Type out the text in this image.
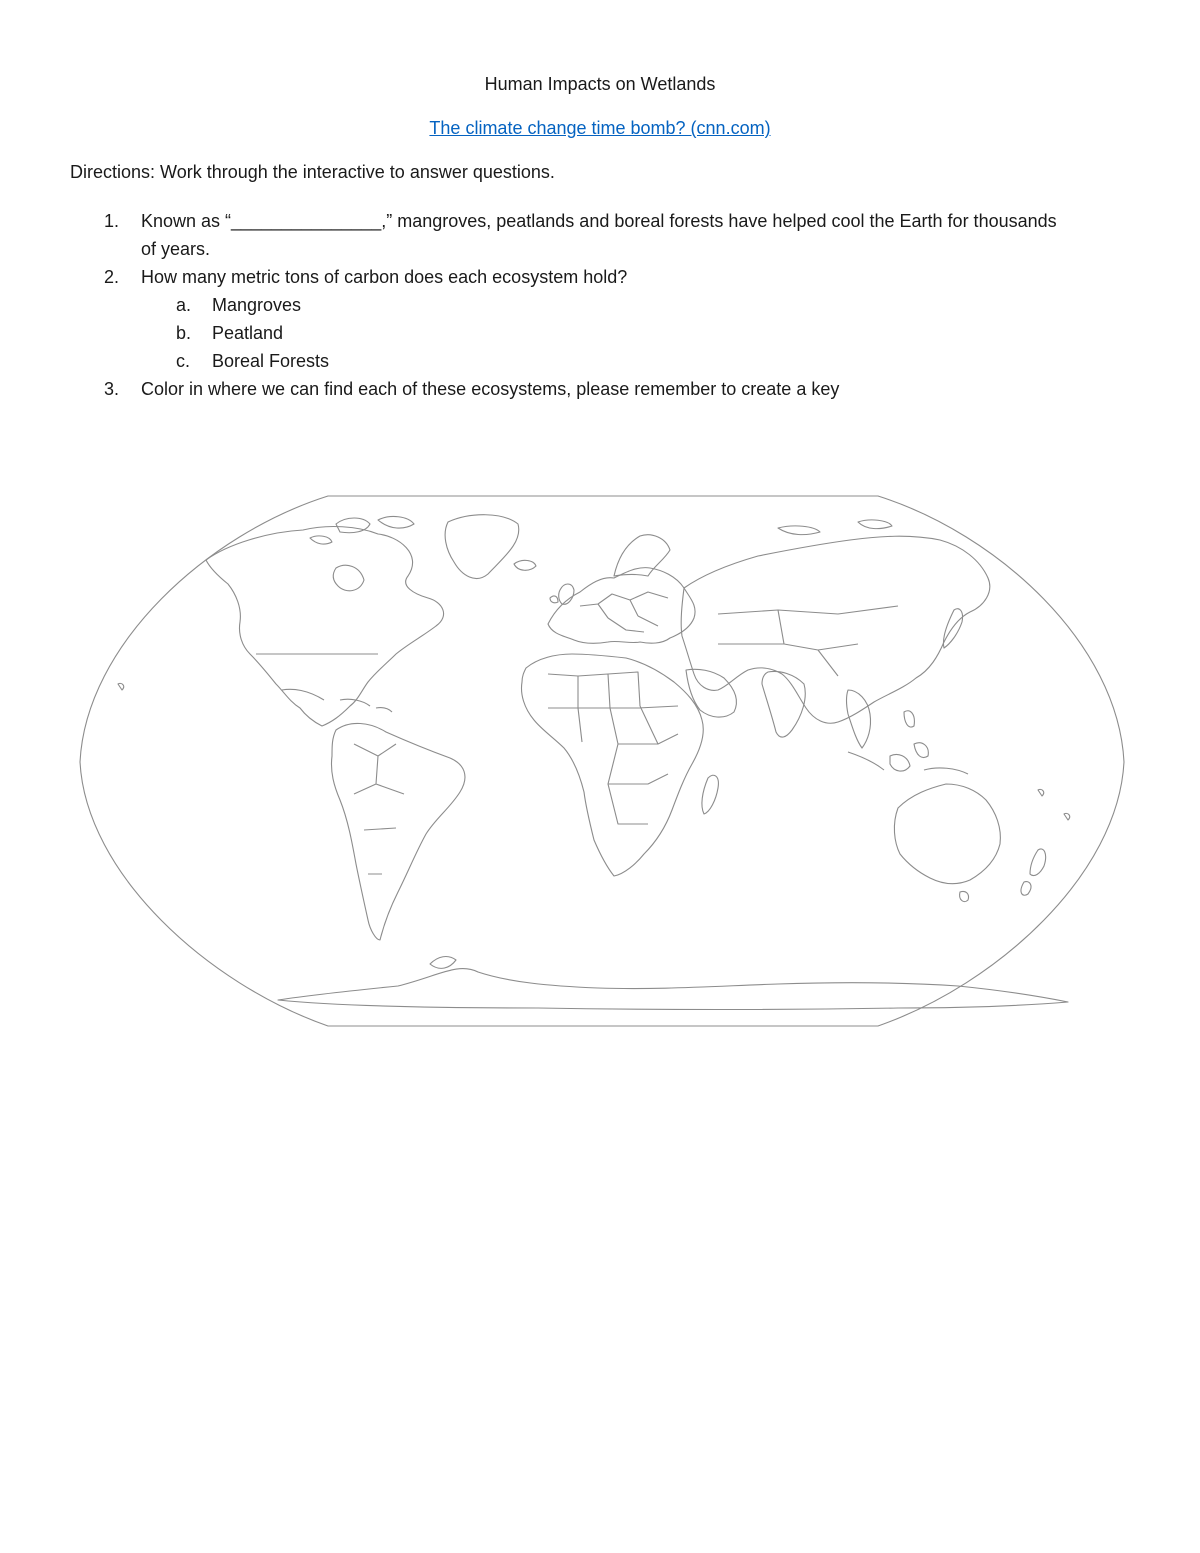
Human Impacts on Wetlands
The climate change time bomb? (cnn.com)
Directions: Work through the interactive to answer questions.
1. Known as “_______________,” mangroves, peatlands and boreal forests have helped cool the Earth for thousands of years.
2. How many metric tons of carbon does each ecosystem hold?
a. Mangroves
b. Peatland
c. Boreal Forests
3. Color in where we can find each of these ecosystems, please remember to create a key
